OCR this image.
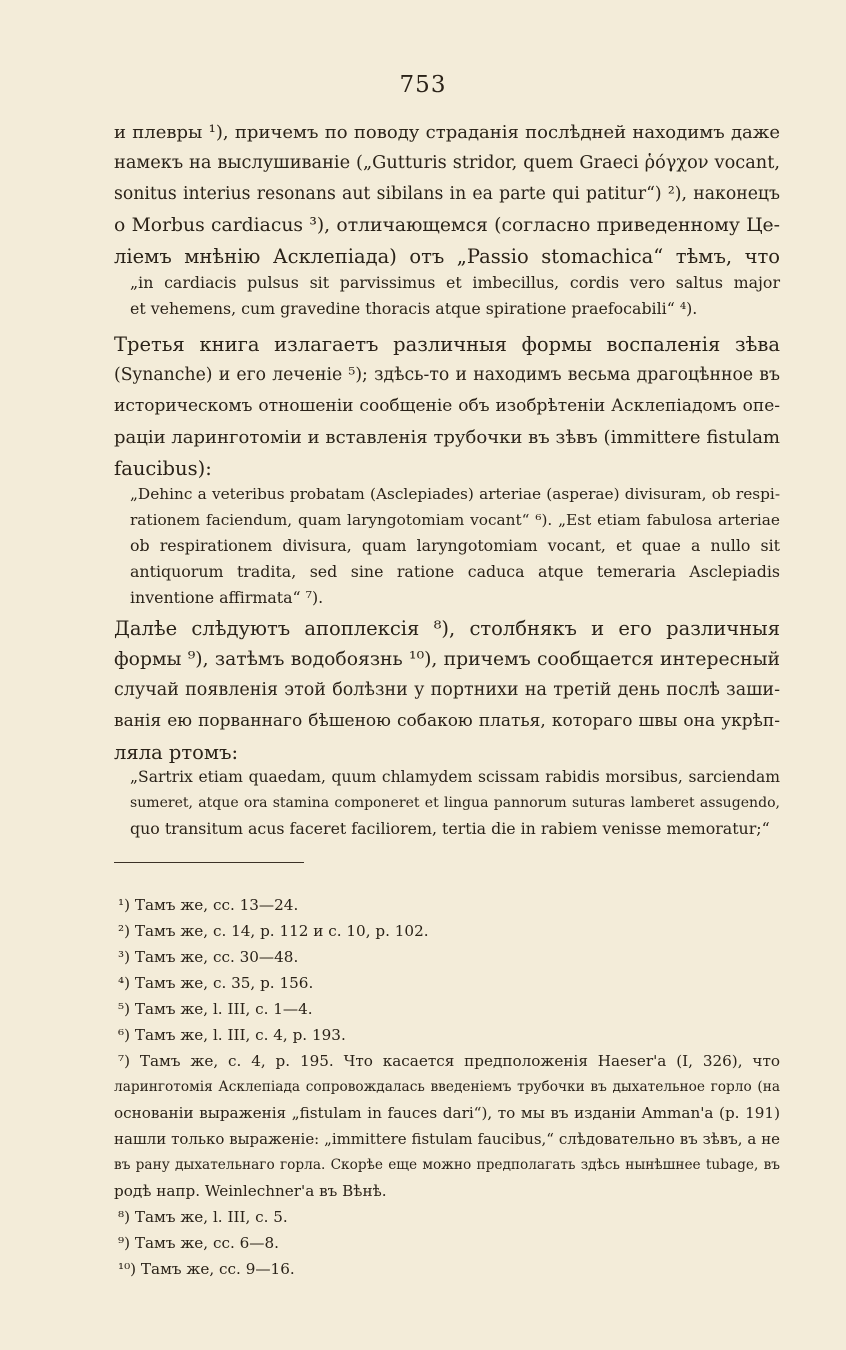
753
и плевры ¹), причемъ по поводу страданія послѣдней находимъ даже
намекъ на выслушиваніе („Gutturis stridor, quem Graeci ῥόγχον vocant,
sonitus interius resonans aut sibilans in ea parte qui patitur“) ²), наконецъ
о Morbus cardiacus ³), отличающемся (согласно приведенному Це-
ліемъ мнѣнію Асклепіада) отъ „Passio stomachica“ тѣмъ, что
„in cardiacis pulsus sit parvissimus et imbecillus, cordis vero saltus major
et vehemens, cum gravedine thoracis atque spiratione praefocabili“ ⁴).
Третья книга излагаетъ различныя формы воспаленія зѣва
(Synanche) и его леченіе ⁵); здѣсь-то и находимъ весьма драгоцѣнное въ
историческомъ отношеніи сообщеніе объ изобрѣтеніи Асклепіадомъ опе-
раціи ларинготоміи и вставленія трубочки въ зѣвъ (immittere fistulam
faucibus):
„Dehinc a veteribus probatam (Asclepiades) arteriae (asperae) divisuram, ob respi-
rationem faciendum, quam laryngotomiam vocant“ ⁶). „Est etiam fabulosa arteriae
ob respirationem divisura, quam laryngotomiam vocant, et quae a nullo sit
antiquorum tradita, sed sine ratione caduca atque temeraria Asclepiadis
inventione affirmata“ ⁷).
Далѣе слѣдуютъ апоплексія ⁸), столбнякъ и его различныя
формы ⁹), затѣмъ водобоязнь ¹⁰), причемъ сообщается интересный
случай появленія этой болѣзни у портнихи на третій день послѣ заши-
ванія ею порваннаго бѣшеною собакою платья, котораго швы она укрѣп-
ляла ртомъ:
„Sartrix etiam quaedam, quum chlamydem scissam rabidis morsibus, sarciendam
sumeret, atque ora stamina componeret et lingua pannorum suturas lamberet assugendo,
quo transitum acus faceret faciliorem, tertia die in rabiem venisse memoratur;“
¹) Тамъ же, сс. 13—24.
²) Тамъ же, с. 14, р. 112 и с. 10, р. 102.
³) Тамъ же, сс. 30—48.
⁴) Тамъ же, с. 35, р. 156.
⁵) Тамъ же, l. III, с. 1—4.
⁶) Тамъ же, l. III, с. 4, р. 193.
⁷) Тамъ же, с. 4, р. 195. Что касается предположенія Haeser'а (I, 326), что
ларинготомія Асклепіада сопровождалась введеніемъ трубочки въ дыхательное горло (на
основаніи выраженія „fistulam in fauces dari“), то мы въ изданіи Amman'а (р. 191)
нашли только выраженіе: „immittere fistulam faucibus,“ слѣдовательно въ зѣвъ, а не
въ рану дыхательнаго горла. Скорѣе еще можно предполагать здѣсь нынѣшнее tubage, въ
родѣ напр. Weinlechner'а въ Вѣнѣ.
⁸) Тамъ же, l. III, с. 5.
⁹) Тамъ же, сс. 6—8.
¹⁰) Тамъ же, сс. 9—16.
